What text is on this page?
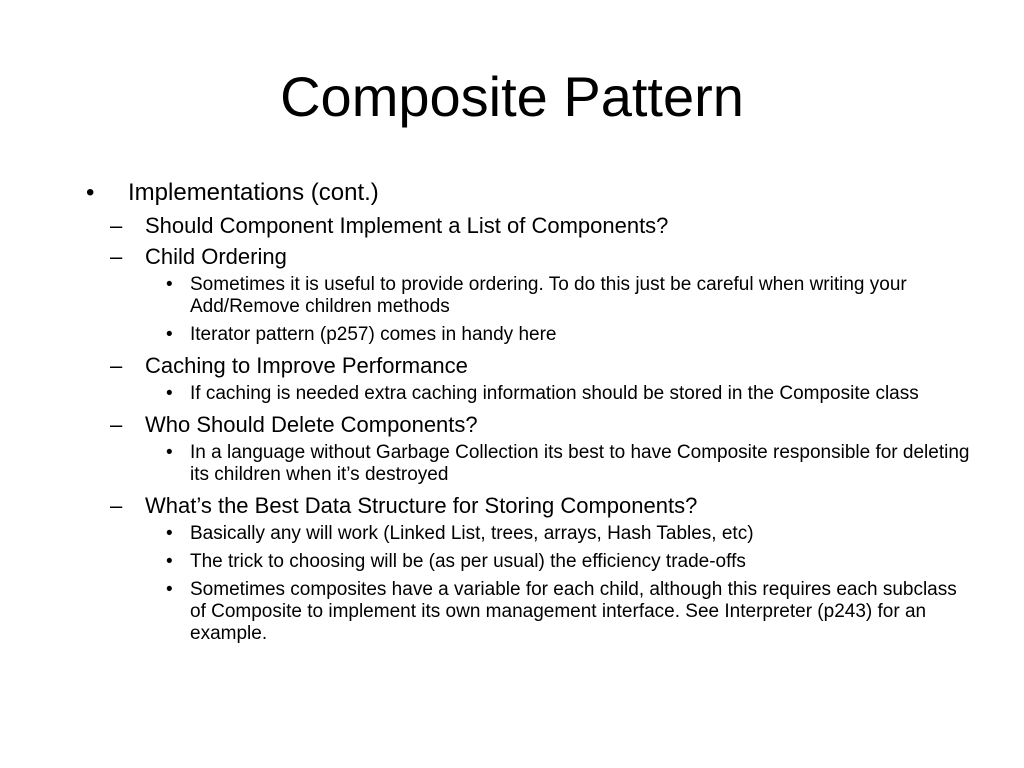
Composite Pattern
• Implementations (cont.)
– Should Component Implement a List of Components?
– Child Ordering
• Sometimes it is useful to provide ordering. To do this just be careful when writing your Add/Remove children methods
• Iterator pattern (p257) comes in handy here
– Caching to Improve Performance
• If caching is needed extra caching information should be stored in the Composite class
– Who Should Delete Components?
• In a language without Garbage Collection its best to have Composite responsible for deleting its children when it’s destroyed
– What’s the Best Data Structure for Storing Components?
• Basically any will work (Linked List, trees, arrays, Hash Tables, etc)
• The trick to choosing will be (as per usual) the efficiency trade-offs
• Sometimes composites have a variable for each child, although this requires each subclass of Composite to implement its own management interface. See Interpreter (p243) for an example.
